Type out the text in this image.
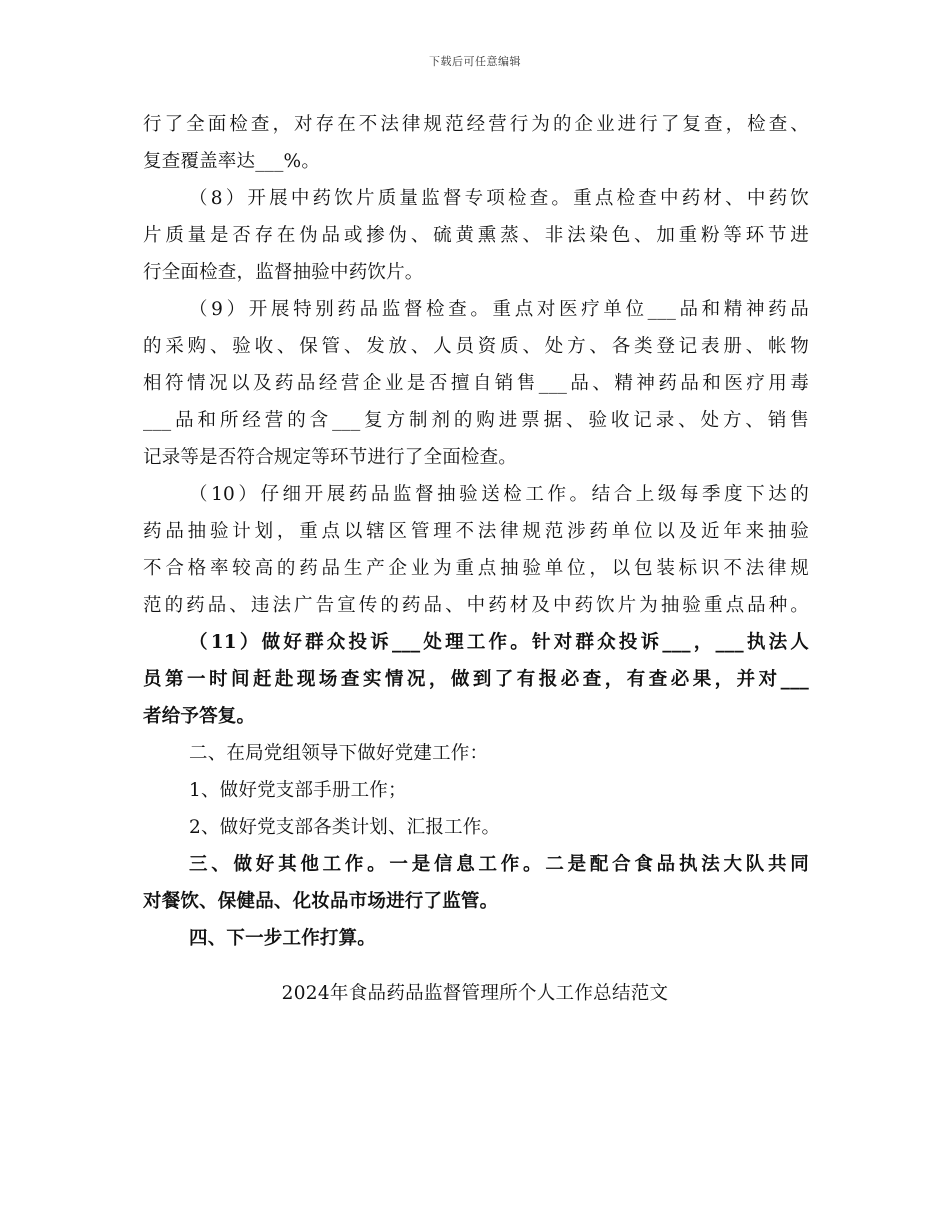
下载后可任意编辑
行了全面检查，对存在不法律规范经营行为的企业进行了复查，检查、
复查覆盖率达___%。
（8）开展中药饮片质量监督专项检查。重点检查中药材、中药饮
片质量是否存在伪品或掺伪、硫黄熏蒸、非法染色、加重粉等环节进
行全面检查，监督抽验中药饮片。
（9）开展特别药品监督检查。重点对医疗单位___品和精神药品
的采购、验收、保管、发放、人员资质、处方、各类登记表册、帐物
相符情况以及药品经营企业是否擅自销售___品、精神药品和医疗用毒
___品和所经营的含___复方制剂的购进票据、验收记录、处方、销售
记录等是否符合规定等环节进行了全面检查。
（10）仔细开展药品监督抽验送检工作。结合上级每季度下达的
药品抽验计划，重点以辖区管理不法律规范涉药单位以及近年来抽验
不合格率较高的药品生产企业为重点抽验单位，以包装标识不法律规
范的药品、违法广告宣传的药品、中药材及中药饮片为抽验重点品种。
（11）做好群众投诉___处理工作。针对群众投诉___，___执法人
员第一时间赶赴现场查实情况，做到了有报必查，有查必果，并对___
者给予答复。
二、在局党组领导下做好党建工作：
1、做好党支部手册工作；
2、做好党支部各类计划、汇报工作。
三、做好其他工作。一是信息工作。二是配合食品执法大队共同
对餐饮、保健品、化妆品市场进行了监管。
四、下一步工作打算。
2024年食品药品监督管理所个人工作总结范文
